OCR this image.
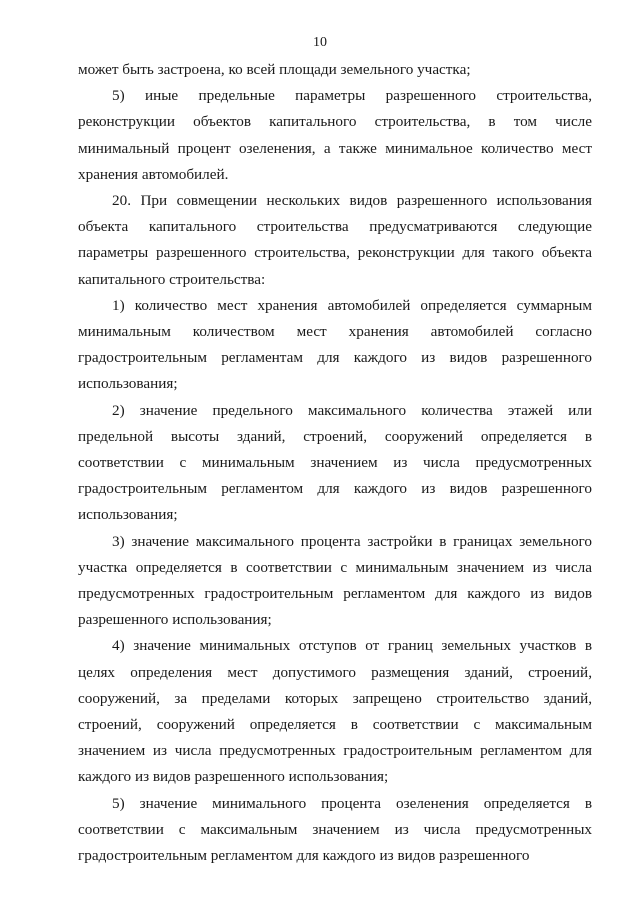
10

может быть застроена, ко всей площади земельного участка;

5) иные предельные параметры разрешенного строительства, реконструкции объектов капитального строительства, в том числе минимальный процент озеленения, а также минимальное количество мест хранения автомобилей.

20. При совмещении нескольких видов разрешенного использования объекта капитального строительства предусматриваются следующие параметры разрешенного строительства, реконструкции для такого объекта капитального строительства:

1) количество мест хранения автомобилей определяется суммарным минимальным количеством мест хранения автомобилей согласно градостроительным регламентам для каждого из видов разрешенного использования;

2) значение предельного максимального количества этажей или предельной высоты зданий, строений, сооружений определяется в соответствии с минимальным значением из числа предусмотренных градостроительным регламентом для каждого из видов разрешенного использования;

3) значение максимального процента застройки в границах земельного участка определяется в соответствии с минимальным значением из числа предусмотренных градостроительным регламентом для каждого из видов разрешенного использования;

4) значение минимальных отступов от границ земельных участков в целях определения мест допустимого размещения зданий, строений, сооружений, за пределами которых запрещено строительство зданий, строений, сооружений определяется в соответствии с максимальным значением из числа предусмотренных градостроительным регламентом для каждого из видов разрешенного использования;

5) значение минимального процента озеленения определяется в соответствии с максимальным значением из числа предусмотренных градостроительным регламентом для каждого из видов разрешенного
